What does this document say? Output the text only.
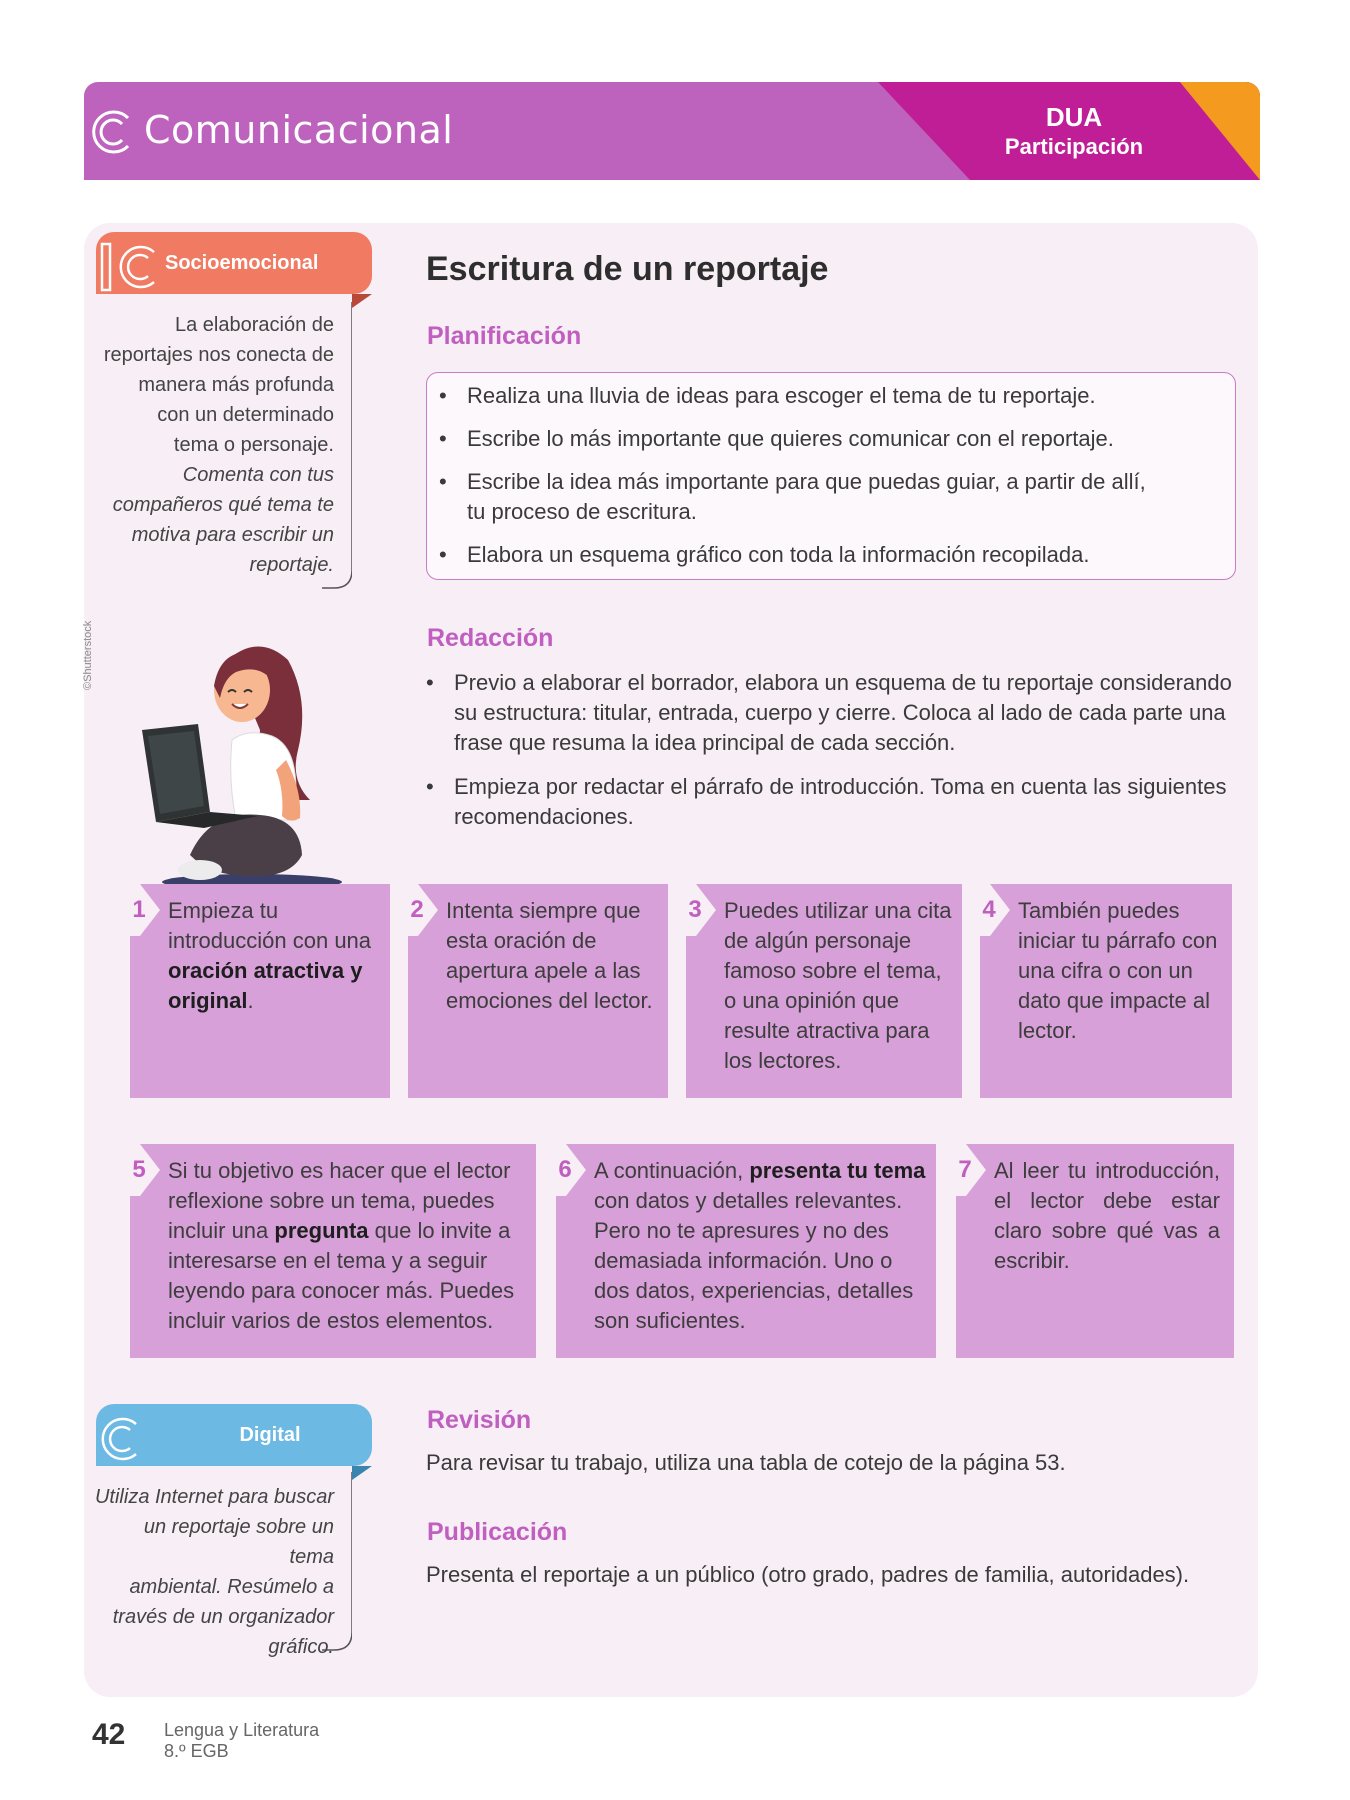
Comunicacional	DUA
Participación
Socioemocional
La elaboración de
reportajes nos conecta de
manera más profunda
con un determinado
tema o personaje.
Comenta con tus
compañeros qué tema te
motiva para escribir un
reportaje.
Escritura de un reportaje
Planificación
• Realiza una lluvia de ideas para escoger el tema de tu reportaje.
• Escribe lo más importante que quieres comunicar con el reportaje.
• Escribe la idea más importante para que puedas guiar, a partir de allí, tu proceso de escritura.
• Elabora un esquema gráfico con toda la información recopilada.
©Shutterstock	Redacción
• Previo a elaborar el borrador, elabora un esquema de tu reportaje considerando su estructura: titular, entrada, cuerpo y cierre. Coloca al lado de cada parte una frase que resuma la idea principal de cada sección.
• Empieza por redactar el párrafo de introducción. Toma en cuenta las siguientes recomendaciones.
1 Empieza tu introducción con una oración atractiva y original.
2 Intenta siempre que esta oración de apertura apele a las emociones del lector.
3 Puedes utilizar una cita de algún personaje famoso sobre el tema, o una opinión que resulte atractiva para los lectores.
4 También puedes iniciar tu párrafo con una cifra o con un dato que impacte al lector.
5 Si tu objetivo es hacer que el lector reflexione sobre un tema, puedes incluir una pregunta que lo invite a interesarse en el tema y a seguir leyendo para conocer más. Puedes incluir varios de estos elementos.
6 A continuación, presenta tu tema con datos y detalles relevantes. Pero no te apresures y no des demasiada información. Uno o dos datos, experiencias, detalles son suficientes.
7 Al leer tu introducción, el lector debe estar claro sobre qué vas a escribir.
Digital
Utiliza Internet para buscar
un reportaje sobre un tema
ambiental. Resúmelo a
través de un organizador
gráfico.
Revisión
Para revisar tu trabajo, utiliza una tabla de cotejo de la página 53.
Publicación
Presenta el reportaje a un público (otro grado, padres de familia, autoridades).
42 Lengua y Literatura
8.º EGB
